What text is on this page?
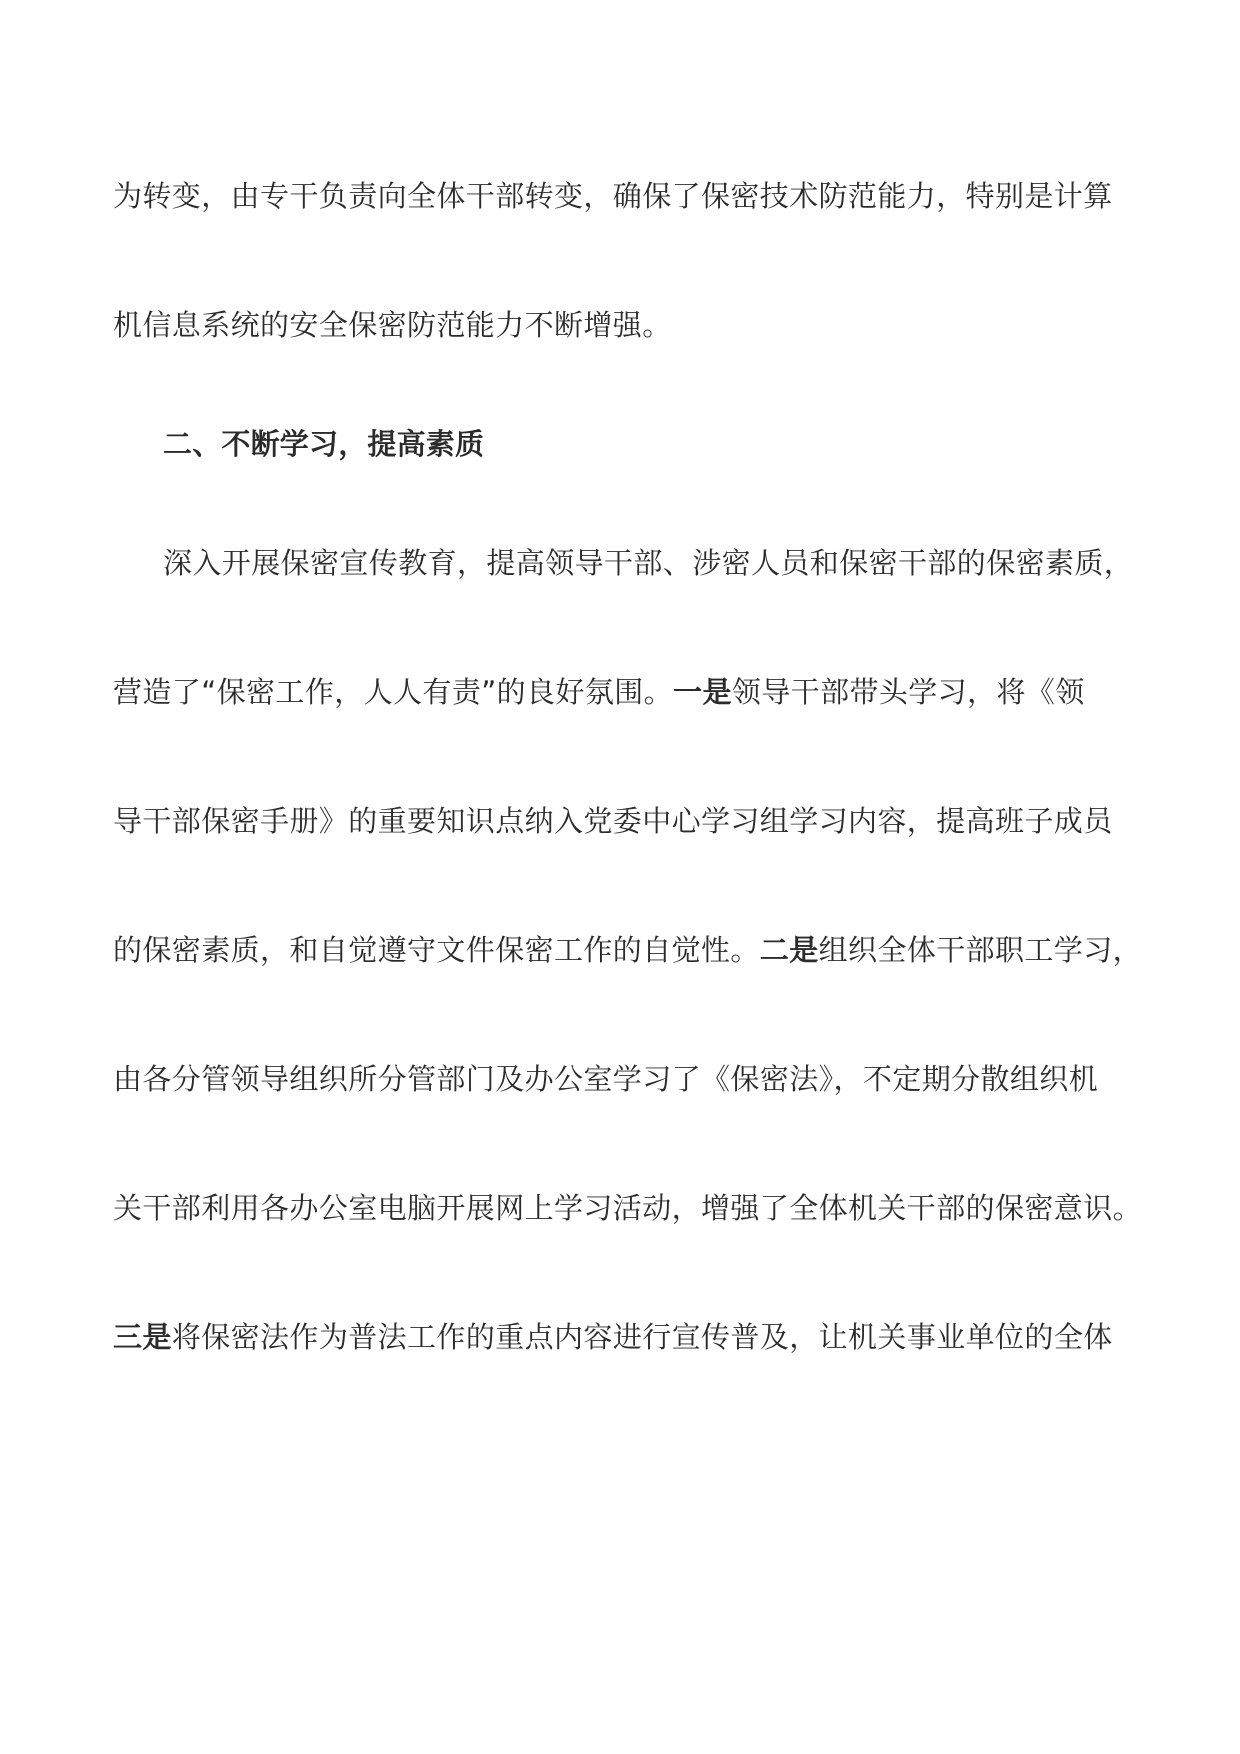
为转变，由专干负责向全体干部转变，确保了保密技术防范能力，特别是计算
机信息系统的安全保密防范能力不断增强。
二、不断学习，提高素质
深入开展保密宣传教育，提高领导干部、涉密人员和保密干部的保密素质，
营造了“保密工作，人人有责”的良好氛围。一是领导干部带头学习，将《领
导干部保密手册》的重要知识点纳入党委中心学习组学习内容，提高班子成员
的保密素质，和自觉遵守文件保密工作的自觉性。二是组织全体干部职工学习，
由各分管领导组织所分管部门及办公室学习了《保密法》，不定期分散组织机
关干部利用各办公室电脑开展网上学习活动，增强了全体机关干部的保密意识。
三是将保密法作为普法工作的重点内容进行宣传普及，让机关事业单位的全体
